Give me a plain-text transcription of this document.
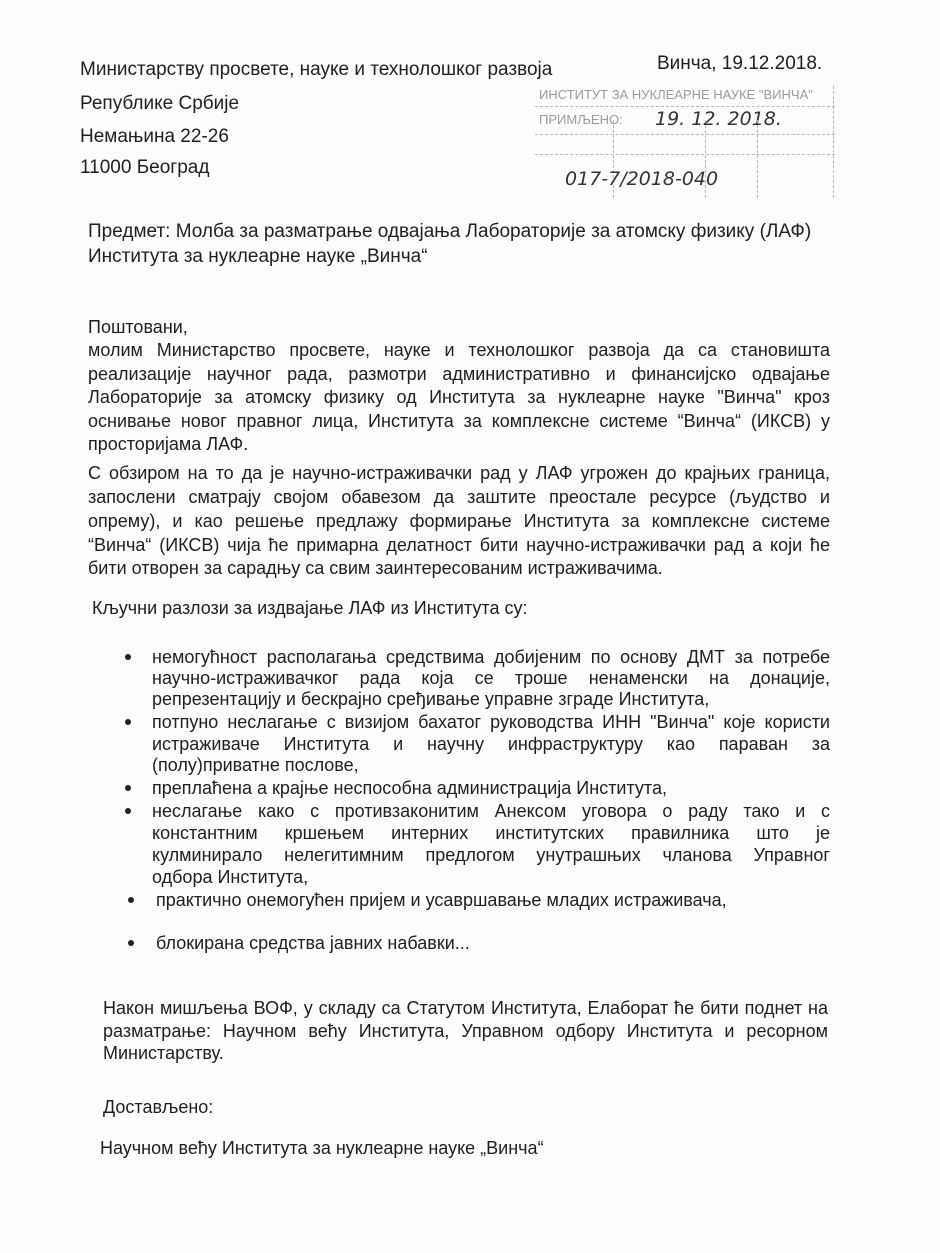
ИНСТИТУТ ЗА НУКЛЕАРНЕ НАУКЕ "ВИНЧА"
ПРИМЉЕНО: 19. 12. 2018.
017-7/2018-040
Министарству просвете, науке и технолошког развоја
Републике Србије
Немањина 22-26
11000 Београд
Винча, 19.12.2018.
Предмет: Молба за разматрање одвајања Лабораторије за атомску физику (ЛАФ)
Института за нуклеарне науке „Винча“
Поштовани,
молим Министарство просвете, науке и технолошког развоја да са становишта
реализације научног рада, размотри административно и финансијско одвајање
Лабораторије за атомску физику од Института за нуклеарне науке "Винча" кроз
оснивање новог правног лица, Института за комплексне системе “Винча“ (ИКСВ) у
просторијама ЛАФ.
С обзиром на то да је научно-истраживачки рад у ЛАФ угрожен до крајњих граница,
запослени сматрају својом обавезом да заштите преостале ресурсе (људство и
опрему), и као решење предлажу формирање Института за комплексне системе
“Винча“ (ИКСВ) чија ће примарна делатност бити научно-истраживачки рад а који ће
бити отворен за сарадњу са свим заинтересованим истраживачима.
Кључни разлози за издвајање ЛАФ из Института су:
немогућност располагања средствима добијеним по основу ДМТ за потребе
научно-истраживачког рада која се троше ненаменски на донације,
репрезентацију и бескрајно сређивање управне зграде Института,
потпуно неслагање с визијом бахатог руководства ИНН "Винча" које користи
истраживаче Института и научну инфраструктуру као параван за
(полу)приватне послове,
преплаћена а крајње неспособна администрација Института,
неслагање како с противзаконитим Анексом уговора о раду тако и с
константним кршењем интерних институтских правилника што је
кулминирало нелегитимним предлогом унутрашњих чланова Управног
одбора Института,
практично онемогућен пријем и усавршавање младих истраживача,
блокирана средства јавних набавки...
Након мишљења ВОФ, у складу са Статутом Института, Елаборат ће бити поднет на
разматрање: Научном већу Института, Управном одбору Института и ресорном
Министарству.
Достављено:
Научном већу Института за нуклеарне науке „Винча“
